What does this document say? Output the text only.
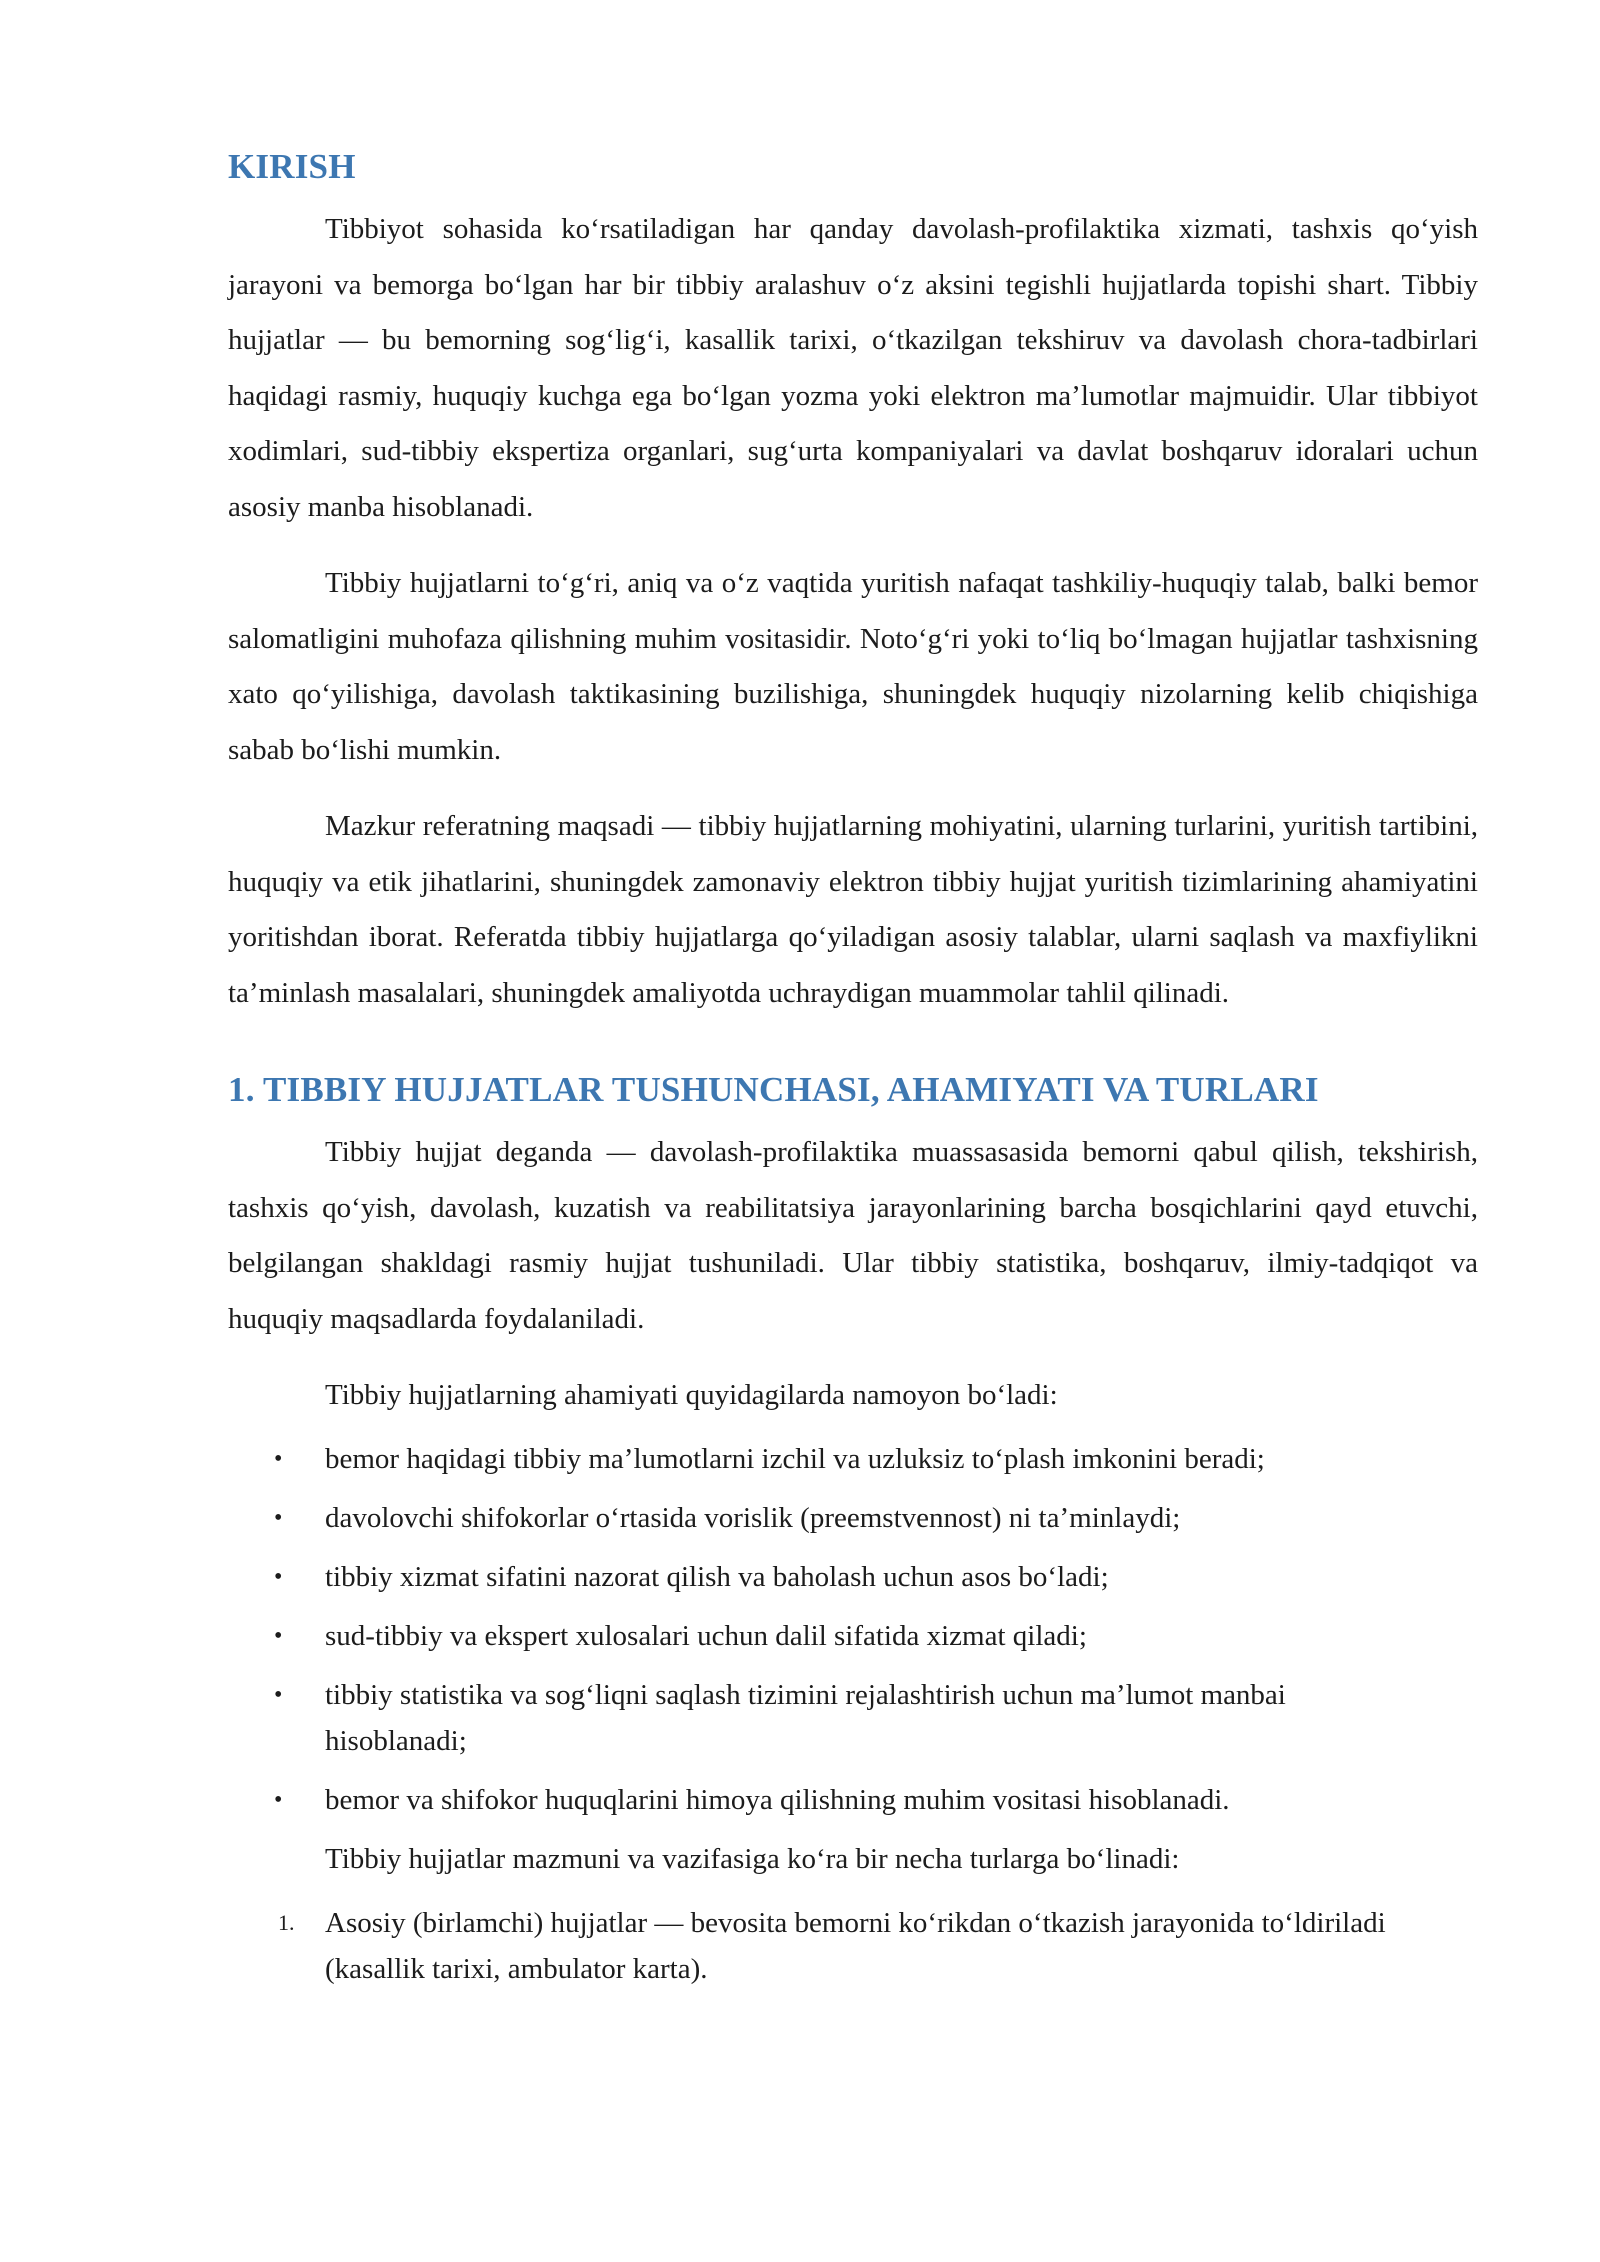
KIRISH

Tibbiyot sohasida ko‘rsatiladigan har qanday davolash-profilaktika xizmati, tashxis qo‘yish jarayoni va bemorga bo‘lgan har bir tibbiy aralashuv o‘z aksini tegishli hujjatlarda topishi shart. Tibbiy hujjatlar — bu bemorning sog‘lig‘i, kasallik tarixi, o‘tkazilgan tekshiruv va davolash chora-tadbirlari haqidagi rasmiy, huquqiy kuchga ega bo‘lgan yozma yoki elektron ma’lumotlar majmuidir. Ular tibbiyot xodimlari, sud-tibbiy ekspertiza organlari, sug‘urta kompaniyalari va davlat boshqaruv idoralari uchun asosiy manba hisoblanadi.

Tibbiy hujjatlarni to‘g‘ri, aniq va o‘z vaqtida yuritish nafaqat tashkiliy-huquqiy talab, balki bemor salomatligini muhofaza qilishning muhim vositasidir. Noto‘g‘ri yoki to‘liq bo‘lmagan hujjatlar tashxisning xato qo‘yilishiga, davolash taktikasining buzilishiga, shuningdek huquqiy nizolarning kelib chiqishiga sabab bo‘lishi mumkin.

Mazkur referatning maqsadi — tibbiy hujjatlarning mohiyatini, ularning turlarini, yuritish tartibini, huquqiy va etik jihatlarini, shuningdek zamonaviy elektron tibbiy hujjat yuritish tizimlarining ahamiyatini yoritishdan iborat. Referatda tibbiy hujjatlarga qo‘yiladigan asosiy talablar, ularni saqlash va maxfiylikni ta’minlash masalalari, shuningdek amaliyotda uchraydigan muammolar tahlil qilinadi.

1. TIBBIY HUJJATLAR TUSHUNCHASI, AHAMIYATI VA TURLARI

Tibbiy hujjat deganda — davolash-profilaktika muassasasida bemorni qabul qilish, tekshirish, tashxis qo‘yish, davolash, kuzatish va reabilitatsiya jarayonlarining barcha bosqichlarini qayd etuvchi, belgilangan shakldagi rasmiy hujjat tushuniladi. Ular tibbiy statistika, boshqaruv, ilmiy-tadqiqot va huquqiy maqsadlarda foydalaniladi.

Tibbiy hujjatlarning ahamiyati quyidagilarda namoyon bo‘ladi:

• bemor haqidagi tibbiy ma’lumotlarni izchil va uzluksiz to‘plash imkonini beradi;
• davolovchi shifokorlar o‘rtasida vorislik (preemstvennost) ni ta’minlaydi;
• tibbiy xizmat sifatini nazorat qilish va baholash uchun asos bo‘ladi;
• sud-tibbiy va ekspert xulosalari uchun dalil sifatida xizmat qiladi;
• tibbiy statistika va sog‘liqni saqlash tizimini rejalashtirish uchun ma’lumot manbai hisoblanadi;
• bemor va shifokor huquqlarini himoya qilishning muhim vositasi hisoblanadi.

Tibbiy hujjatlar mazmuni va vazifasiga ko‘ra bir necha turlarga bo‘linadi:

1. Asosiy (birlamchi) hujjatlar — bevosita bemorni ko‘rikdan o‘tkazish jarayonida to‘ldiriladi (kasallik tarixi, ambulator karta).
